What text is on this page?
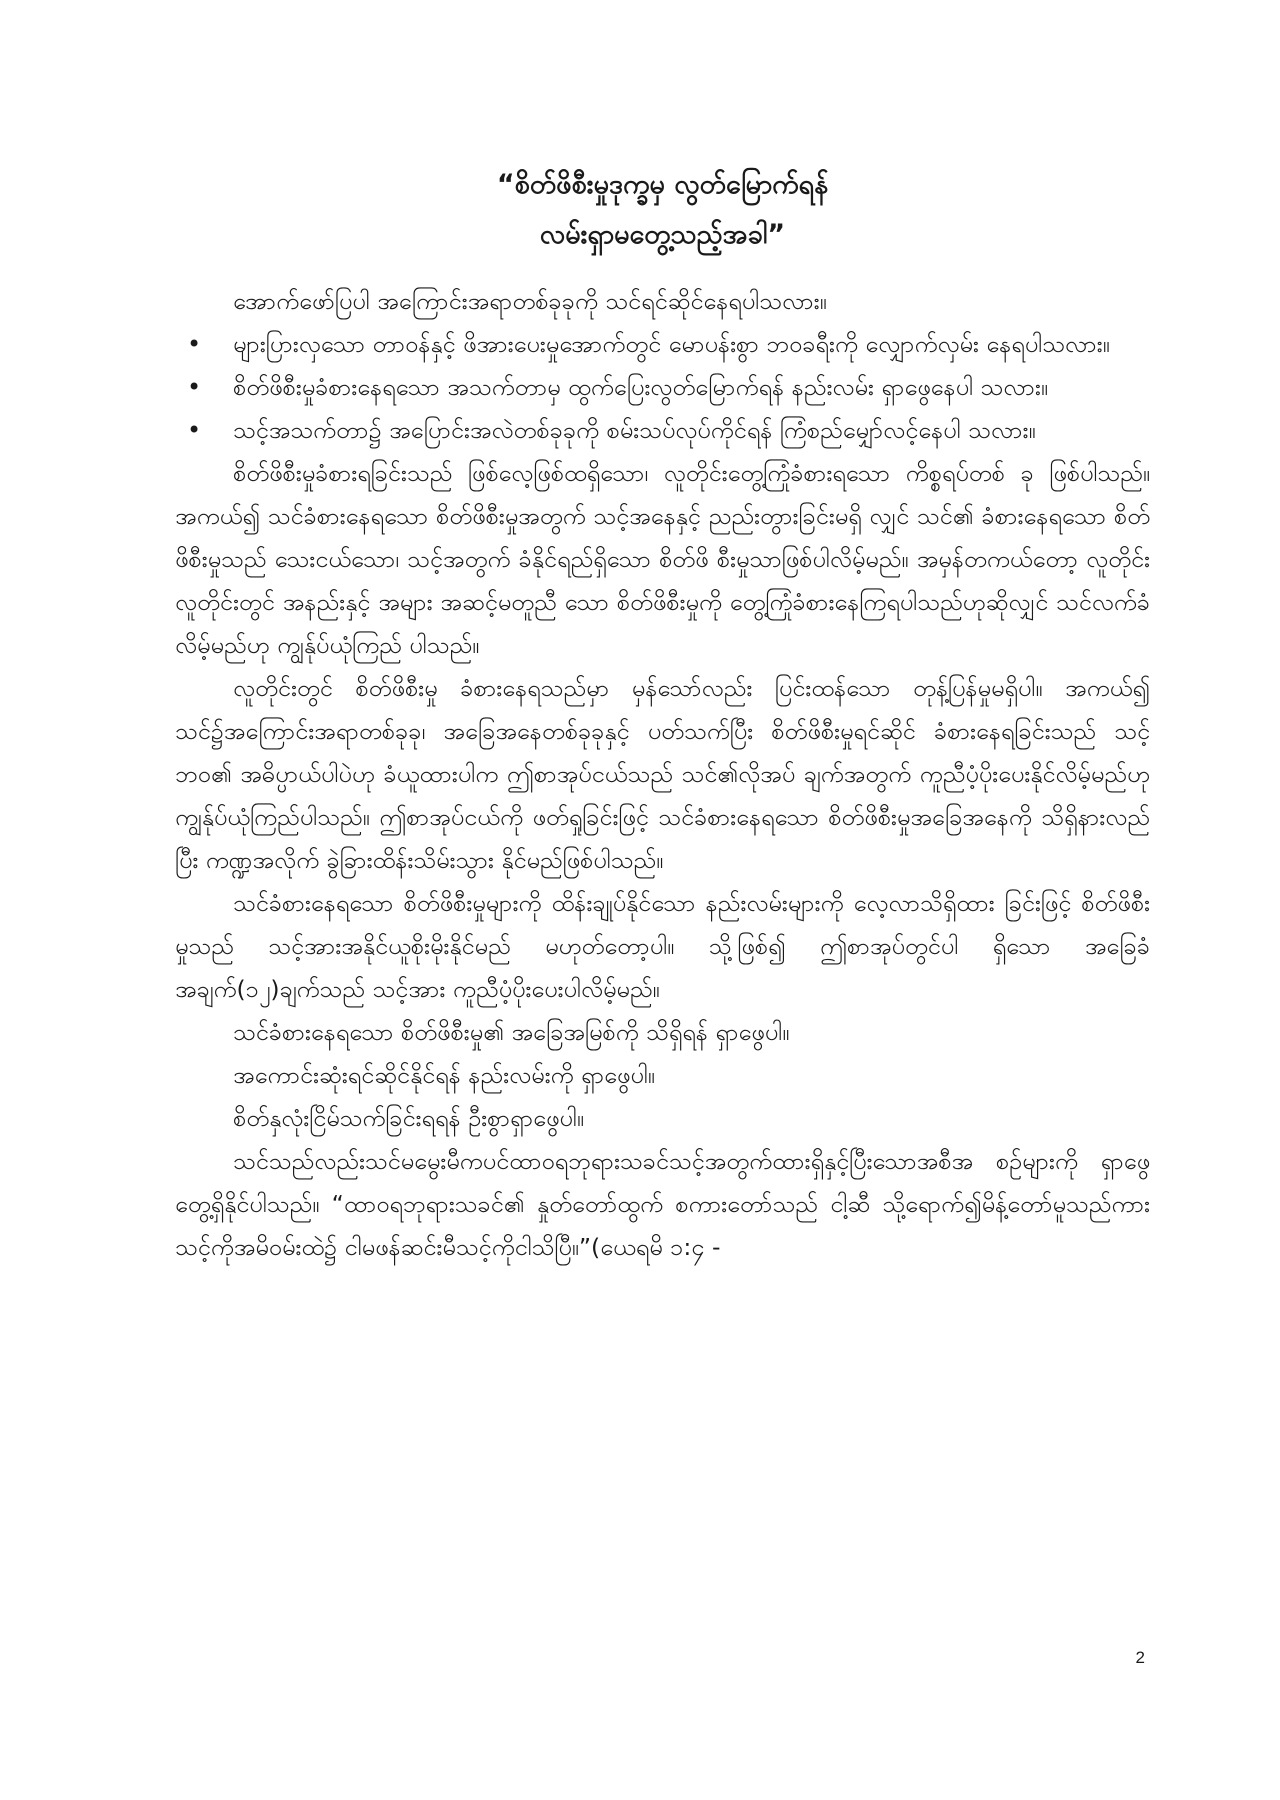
“စိတ်ဖိစီးမှုဒုက္ခမှ လွတ်မြောက်ရန်
လမ်းရှာမတွေ့သည့်အခါ”

အောက်ဖော်ပြပါ အကြောင်းအရာတစ်ခုခုကို သင်ရင်ဆိုင်နေရပါသလား။

• များပြားလှသော တာဝန်နှင့် ဖိအားပေးမှုအောက်တွင် မောပန်းစွာ ဘဝခရီးကို လျှောက်လှမ်း နေရပါသလား။
• စိတ်ဖိစီးမှုခံစားနေရသော အသက်တာမှ ထွက်ပြေးလွတ်မြောက်ရန် နည်းလမ်း ရှာဖွေနေပါ သလား။
• သင့်အသက်တာ၌ အပြောင်းအလဲတစ်ခုခုကို စမ်းသပ်လုပ်ကိုင်ရန် ကြံစည်မျှော်လင့်နေပါ သလား။

စိတ်ဖိစီးမှုခံစားရခြင်းသည် ဖြစ်လေ့ဖြစ်ထရှိသော၊ လူတိုင်းတွေ့ကြုံခံစားရသော ကိစ္စရပ်တစ် ခု ဖြစ်ပါသည်။ အကယ်၍ သင်ခံစားနေရသော စိတ်ဖိစီးမှုအတွက် သင့်အနေနှင့် ညည်းတွားခြင်းမရှိ လျှင် သင်၏ ခံစားနေရသော စိတ်ဖိစီးမှုသည် သေးငယ်သော၊ သင့်အတွက် ခံနိုင်ရည်ရှိသော စိတ်ဖိ စီးမှုသာဖြစ်ပါလိမ့်မည်။ အမှန်တကယ်တော့ လူတိုင်းလူတိုင်းတွင် အနည်းနှင့် အများ အဆင့်မတူညီ သော စိတ်ဖိစီးမှုကို တွေ့ကြုံခံစားနေကြရပါသည်ဟုဆိုလျှင် သင်လက်ခံလိမ့်မည်ဟု ကျွန်ုပ်ယုံကြည် ပါသည်။

လူတိုင်းတွင် စိတ်ဖိစီးမှု ခံစားနေရသည်မှာ မှန်သော်လည်း ပြင်းထန်သော တုန့်ပြန်မှုမရှိပါ။ အကယ်၍ သင်၌အကြောင်းအရာတစ်ခုခု၊ အခြေအနေတစ်ခုခုနှင့် ပတ်သက်ပြီး စိတ်ဖိစီးမှုရင်ဆိုင် ခံစားနေရခြင်းသည် သင့်ဘဝ၏ အဓိပ္ပာယ်ပါပဲဟု ခံယူထားပါက ဤစာအုပ်ငယ်သည် သင်၏လိုအပ် ချက်အတွက် ကူညီပံ့ပိုးပေးနိုင်လိမ့်မည်ဟု ကျွန်ုပ်ယုံကြည်ပါသည်။ ဤစာအုပ်ငယ်ကို ဖတ်ရှုခြင်းဖြင့် သင်ခံစားနေရသော စိတ်ဖိစီးမှုအခြေအနေကို သိရှိနားလည်ပြီး ကဏ္ဍအလိုက် ခွဲခြားထိန်းသိမ်းသွား နိုင်မည်ဖြစ်ပါသည်။

သင်ခံစားနေရသော စိတ်ဖိစီးမှုများကို ထိန်းချုပ်နိုင်သော နည်းလမ်းများကို လေ့လာသိရှိထား ခြင်းဖြင့် စိတ်ဖိစီးမှုသည် သင့်အားအနိုင်ယူစိုးမိုးနိုင်မည် မဟုတ်တော့ပါ။ သို့ဖြစ်၍ ဤစာအုပ်တွင်ပါ ရှိသော အခြေခံအချက်(၁၂)ချက်သည် သင့်အား ကူညီပံ့ပိုးပေးပါလိမ့်မည်။

သင်ခံစားနေရသော စိတ်ဖိစီးမှု၏ အခြေအမြစ်ကို သိရှိရန် ရှာဖွေပါ။

အကောင်းဆုံးရင်ဆိုင်နိုင်ရန် နည်းလမ်းကို ရှာဖွေပါ။

စိတ်နှလုံးငြိမ်သက်ခြင်းရရန် ဦးစွာရှာဖွေပါ။

သင်သည်လည်းသင်မမွေးမီကပင်ထာဝရဘုရားသခင်သင့်အတွက်ထားရှိနှင့်ပြီးသောအစီအ စဉ်များကို ရှာဖွေတွေ့ရှိနိုင်ပါသည်။ “ထာဝရဘုရားသခင်၏ နှုတ်တော်ထွက် စကားတော်သည် ငါ့ဆီ သို့ရောက်၍မိန့်တော်မူသည်ကားသင့်ကိုအမိဝမ်းထဲ၌ ငါမဖန်ဆင်းမီသင့်ကိုငါသိပြီ။”(ယေရမိ ၁:၄ -

2
